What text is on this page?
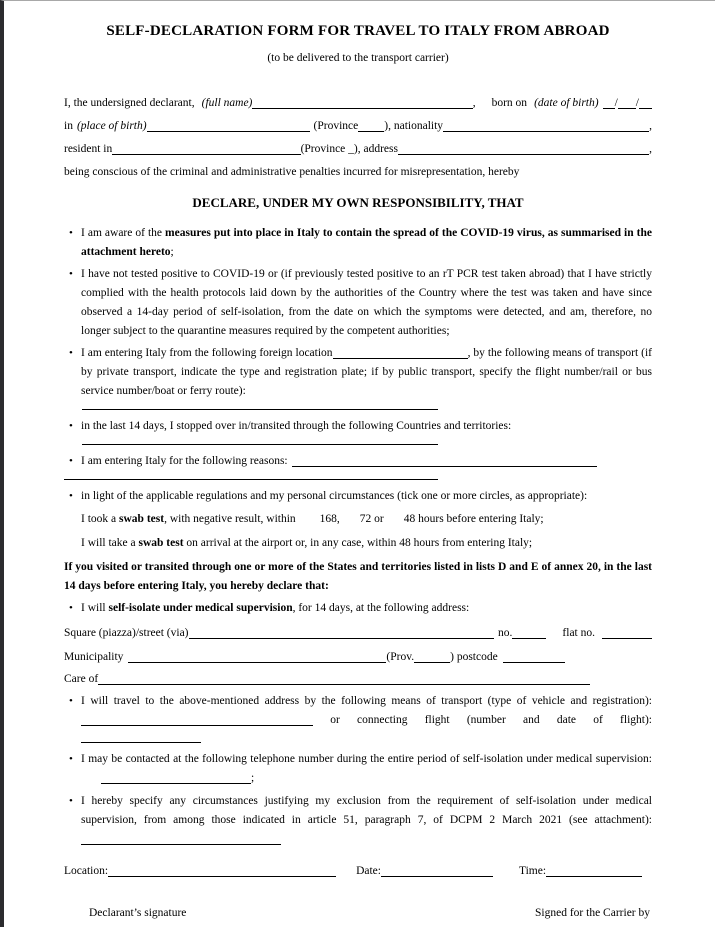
SELF-DECLARATION FORM FOR TRAVEL TO ITALY FROM ABROAD
(to be delivered to the transport carrier)
I, the undersigned declarant, (full name)	, born on (date of birth) / /
in (place of birth)	(Province ), nationality	,
resident in	(Province _), address	,
being conscious of the criminal and administrative penalties incurred for misrepresentation, hereby
DECLARE, UNDER MY OWN RESPONSIBILITY, THAT

• I am aware of the measures put into place in Italy to contain the spread of the COVID-19 virus, as summarised in the attachment hereto;

• I have not tested positive to COVID-19 or (if previously tested positive to an rT PCR test taken abroad) that I have strictly complied with the health protocols laid down by the authorities of the Country where the test was taken and have since observed a 14-day period of self-isolation, from the date on which the symptoms were detected, and am, therefore, no longer subject to the quarantine measures required by the competent authorities;

• I am entering Italy from the following foreign location	, by the following means of transport (if by private transport, indicate the type and registration plate; if by public transport, specify the flight number/rail or bus service number/boat or ferry route):

• in the last 14 days, I stopped over in/transited through the following Countries and territories:

• I am entering Italy for the following reasons:

• in light of the applicable regulations and my personal circumstances (tick one or more circles, as appropriate):

I took a swab test, with negative result, within 168, 72 or 48 hours before entering Italy;

I will take a swab test on arrival at the airport or, in any case, within 48 hours from entering Italy;

If you visited or transited through one or more of the States and territories listed in lists D and E of annex 20, in the last 14 days before entering Italy, you hereby declare that:

• I will self-isolate under medical supervision, for 14 days, at the following address:

Square (piazza)/street (via)	no.	flat no.
Municipality	(Prov.	) postcode
Care of

• I will travel to the above-mentioned address by the following means of transport (type of vehicle and registration):  or connecting flight (number and date of flight):

• I may be contacted at the following telephone number during the entire period of self-isolation under medical supervision:;

• I hereby specify any circumstances justifying my exclusion from the requirement of self-isolation under medical supervision, from among those indicated in article 51, paragraph 7, of DCPM 2 March 2021 (see attachment):

Location:	Date:	Time:
Declarant’s signature	Signed for the Carrier by
